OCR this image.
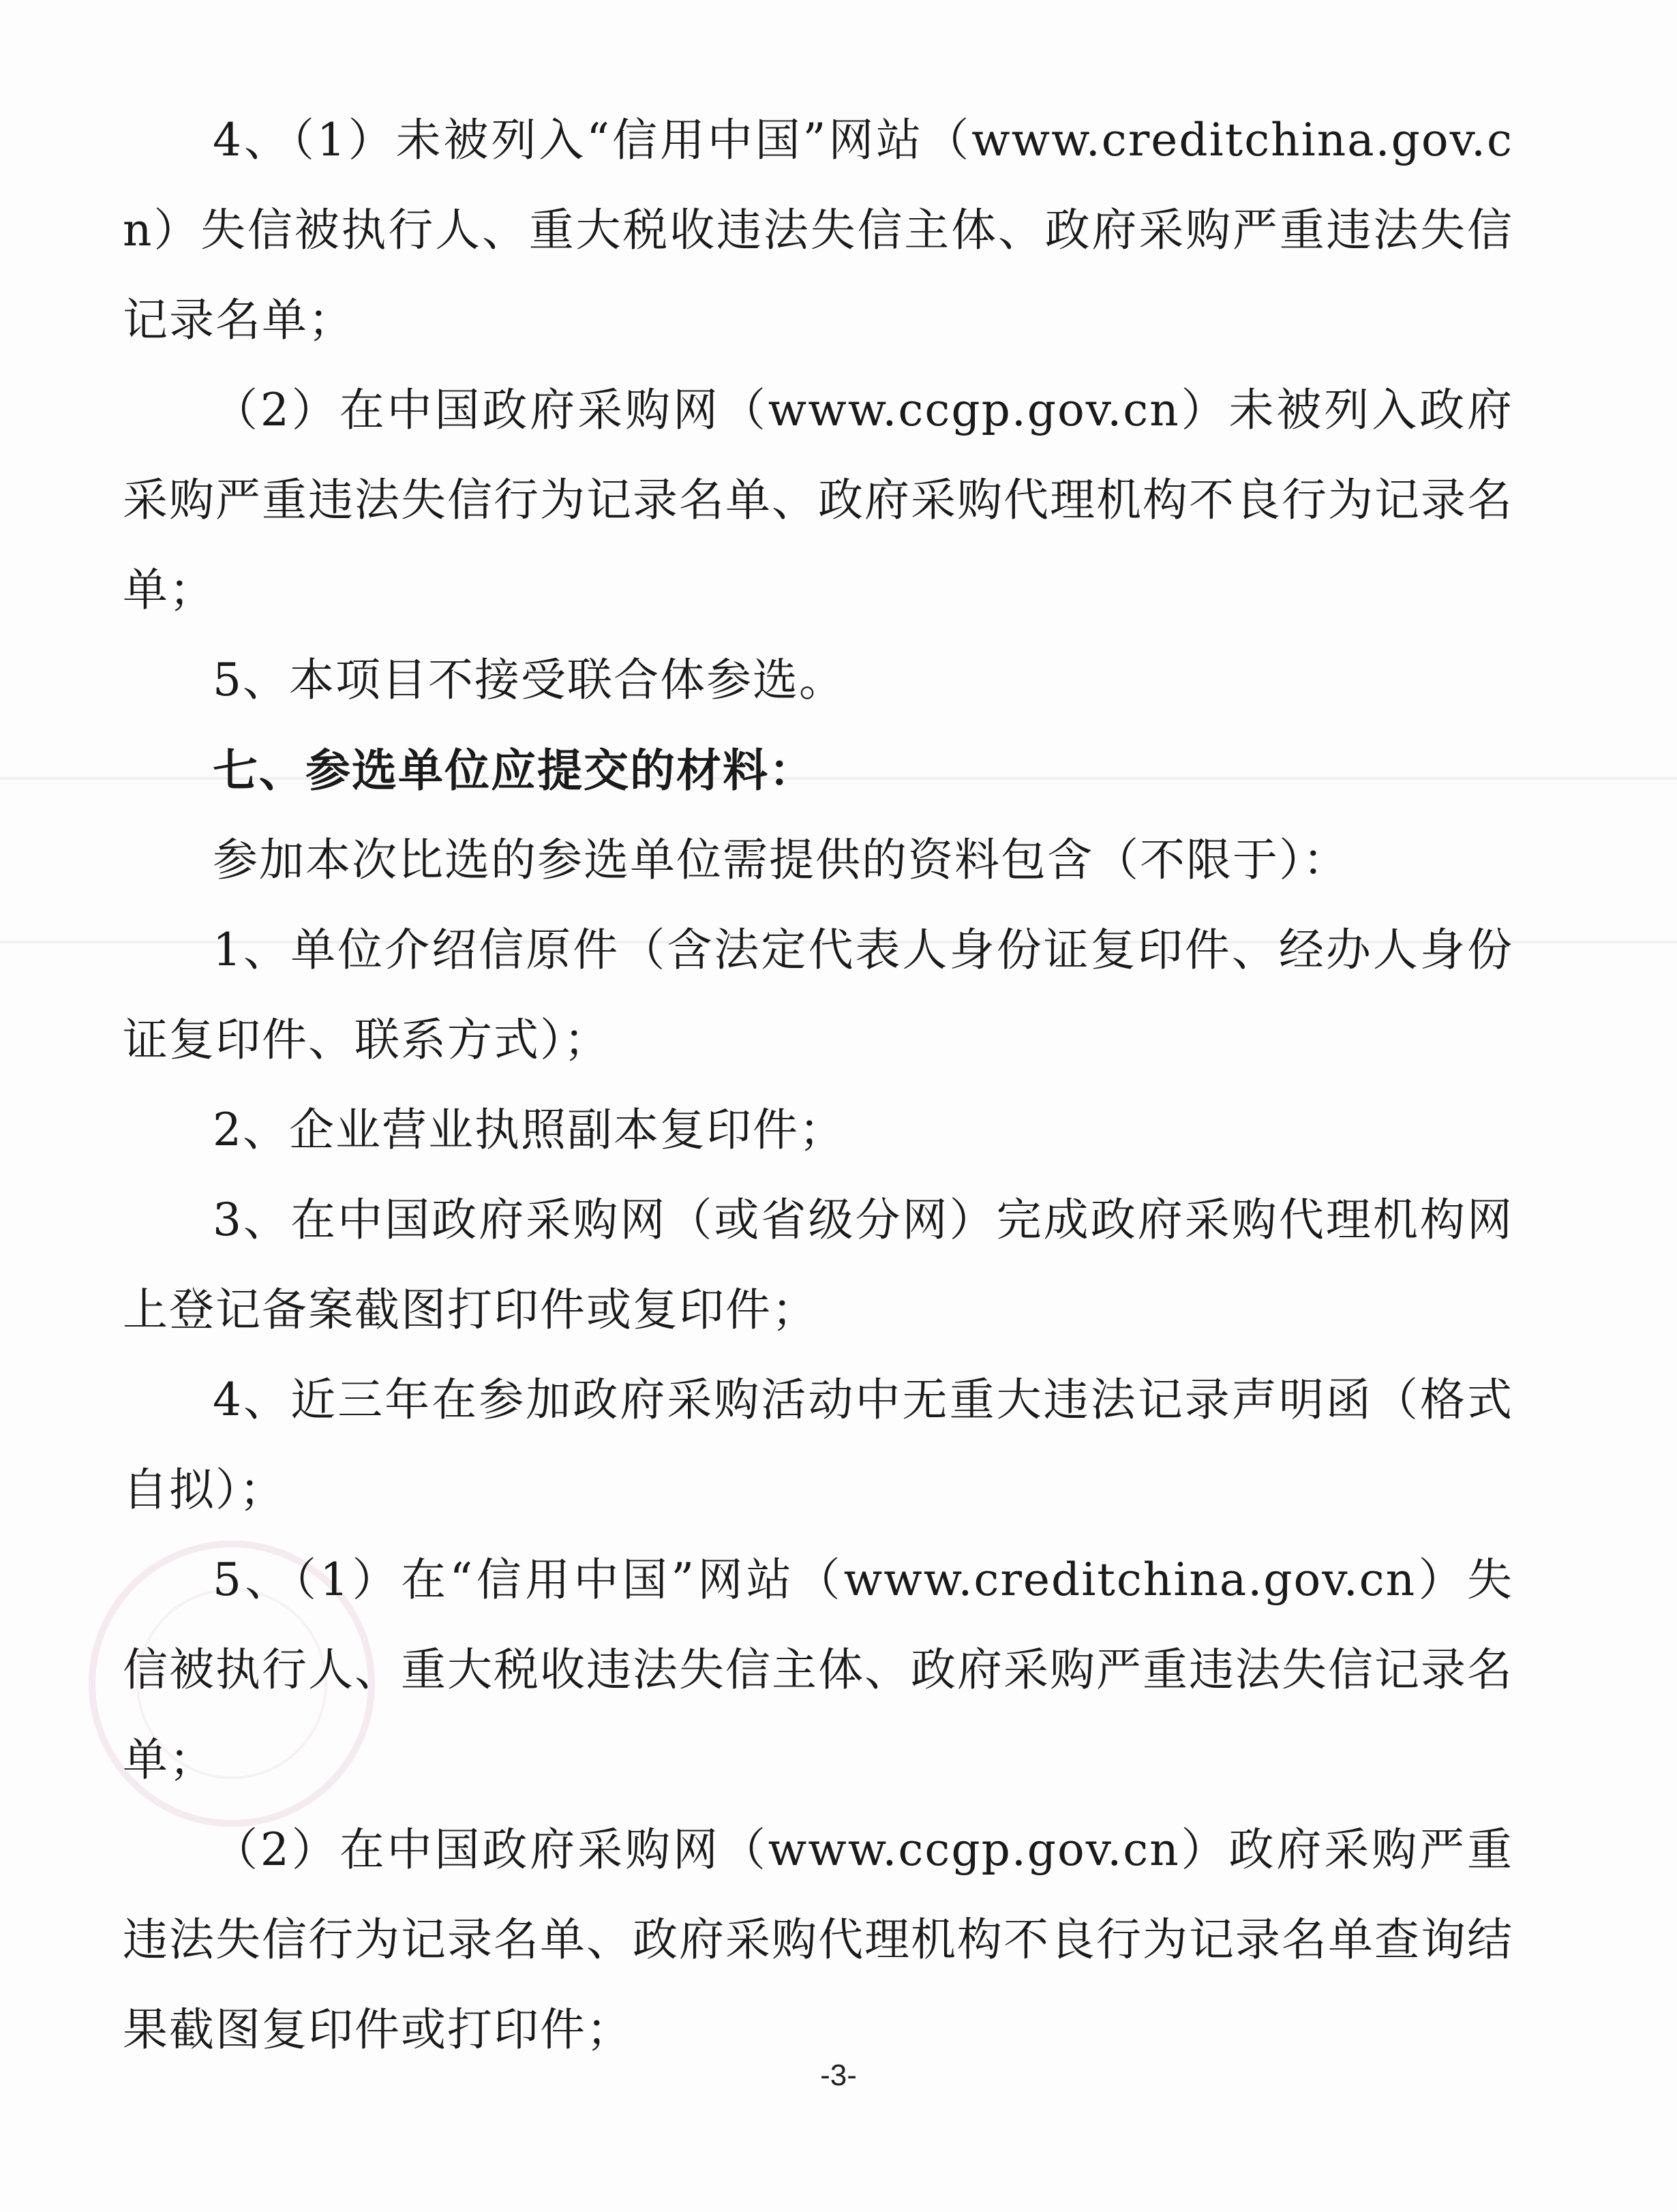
4、（1）未被列入“信用中国”网站（www.creditchina.gov.cn）失信被执行人、重大税收违法失信主体、政府采购严重违法失信记录名单；

（2）在中国政府采购网（www.ccgp.gov.cn）未被列入政府采购严重违法失信行为记录名单、政府采购代理机构不良行为记录名单；

5、本项目不接受联合体参选。

七、参选单位应提交的材料：

参加本次比选的参选单位需提供的资料包含（不限于）：

1、单位介绍信原件（含法定代表人身份证复印件、经办人身份证复印件、联系方式）；

2、企业营业执照副本复印件；

3、在中国政府采购网（或省级分网）完成政府采购代理机构网上登记备案截图打印件或复印件；

4、近三年在参加政府采购活动中无重大违法记录声明函（格式自拟）；

5、（1）在“信用中国”网站（www.creditchina.gov.cn）失信被执行人、重大税收违法失信主体、政府采购严重违法失信记录名单；

（2）在中国政府采购网（www.ccgp.gov.cn）政府采购严重违法失信行为记录名单、政府采购代理机构不良行为记录名单查询结果截图复印件或打印件；

-3-
